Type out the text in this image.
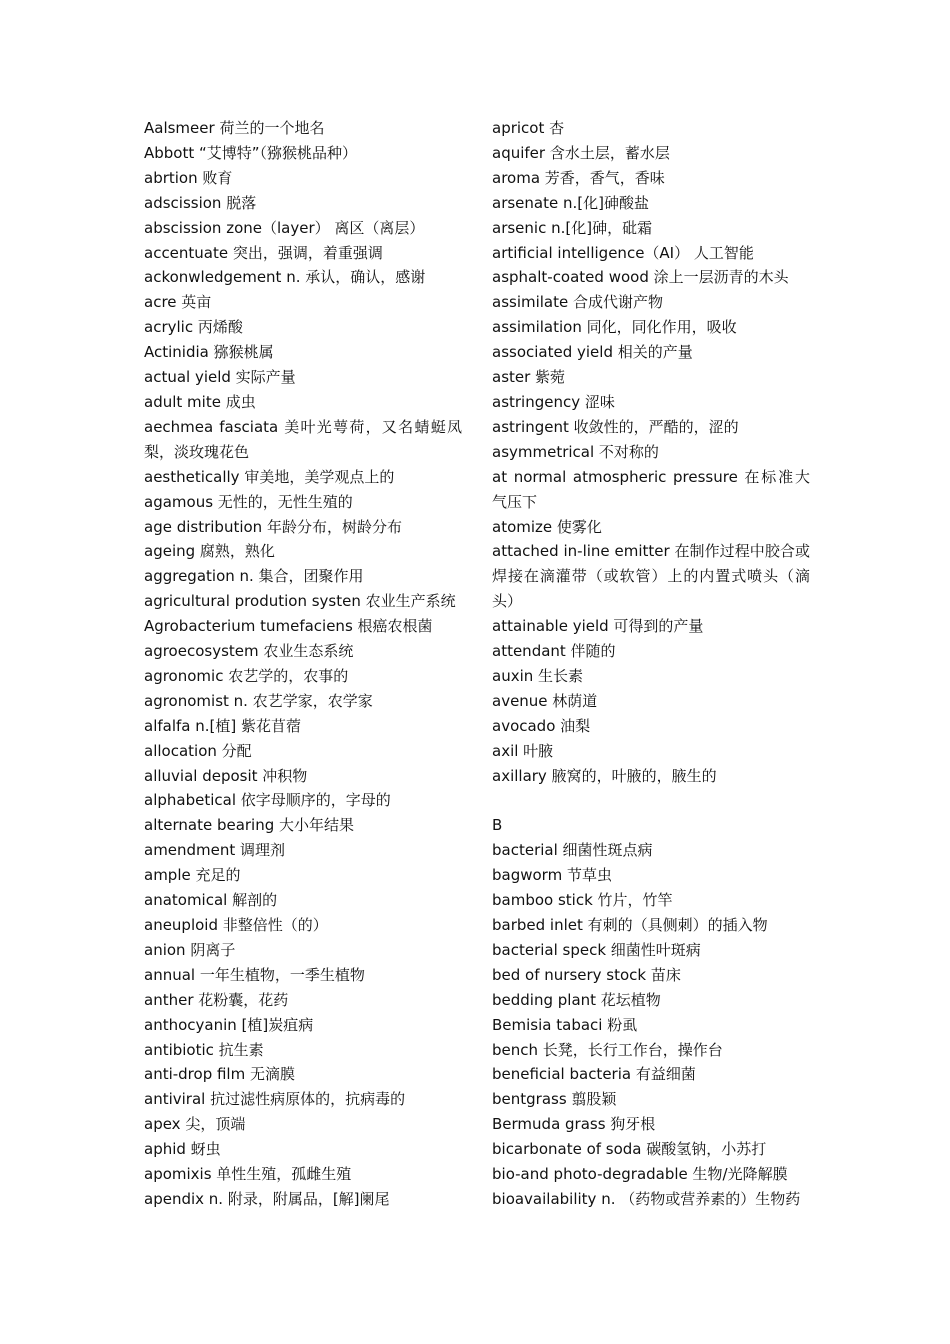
Aalsmeer 荷兰的一个地名
Abbott “艾博特”（猕猴桃品种）
abrtion 败育
adscission 脱落
abscission zone（layer） 离区（离层）
accentuate 突出，强调，着重强调
ackonwledgement n. 承认，确认，感谢
acre 英亩
acrylic 丙烯酸
Actinidia 猕猴桃属
actual yield 实际产量
adult mite 成虫
aechmea fasciata 美叶光萼荷，又名蜻蜓凤梨，淡玫瑰花色
aesthetically 审美地，美学观点上的
agamous 无性的，无性生殖的
age distribution 年龄分布，树龄分布
ageing 腐熟，熟化
aggregation n. 集合，团聚作用
agricultural prodution systen 农业生产系统
Agrobacterium tumefaciens 根癌农根菌
agroecosystem 农业生态系统
agronomic 农艺学的，农事的
agronomist n. 农艺学家，农学家
alfalfa n.[植] 紫花苜蓿
allocation 分配
alluvial deposit 冲积物
alphabetical 依字母顺序的，字母的
alternate bearing 大小年结果
amendment 调理剂
ample 充足的
anatomical 解剖的
aneuploid 非整倍性（的）
anion 阴离子
annual 一年生植物，一季生植物
anther 花粉囊，花药
anthocyanin [植]炭疽病
antibiotic 抗生素
anti-drop film 无滴膜
antiviral 抗过滤性病原体的，抗病毒的
apex 尖，顶端
aphid 蚜虫
apomixis 单性生殖，孤雌生殖
apendix n. 附录，附属品，[解]阑尾
apricot 杏
aquifer 含水土层，蓄水层
aroma 芳香，香气，香味
arsenate n.[化]砷酸盐
arsenic n.[化]砷，砒霜
artificial intelligence（AI） 人工智能
asphalt-coated wood 涂上一层沥青的木头
assimilate 合成代谢产物
assimilation 同化，同化作用，吸收
associated yield 相关的产量
aster 紫菀
astringency 涩味
astringent 收敛性的，严酷的，涩的
asymmetrical 不对称的
at normal atmospheric pressure 在标准大气压下
atomize 使雾化
attached in-line emitter 在制作过程中胶合或焊接在滴灌带（或软管）上的内置式喷头（滴头）
attainable yield 可得到的产量
attendant 伴随的
auxin 生长素
avenue 林荫道
avocado 油梨
axil 叶腋
axillary 腋窝的，叶腋的，腋生的
B
bacterial 细菌性斑点病
bagworm 节草虫
bamboo stick 竹片，竹竿
barbed inlet 有刺的（具侧刺）的插入物
bacterial speck 细菌性叶斑病
bed of nursery stock 苗床
bedding plant 花坛植物
Bemisia tabaci 粉虱
bench 长凳，长行工作台，操作台
beneficial bacteria 有益细菌
bentgrass 翦股颖
Bermuda grass 狗牙根
bicarbonate of soda 碳酸氢钠，小苏打
bio-and photo-degradable 生物/光降解膜
bioavailability n. （药物或营养素的）生物药
